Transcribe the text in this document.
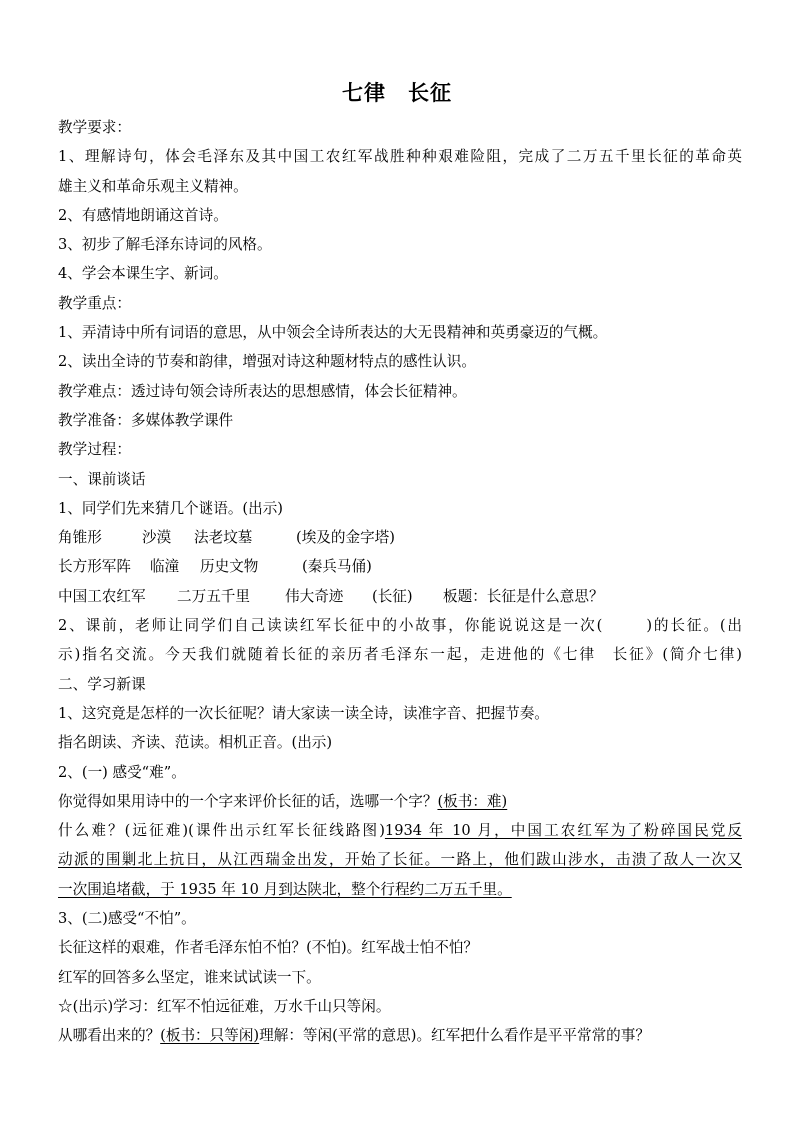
七律 长征
教学要求：
1、理解诗句，体会毛泽东及其中国工农红军战胜种种艰难险阻，完成了二万五千里长征的革命英
雄主义和革命乐观主义精神。
2、有感情地朗诵这首诗。
3、初步了解毛泽东诗词的风格。
4、学会本课生字、新词。
教学重点：
1、弄清诗中所有词语的意思，从中领会全诗所表达的大无畏精神和英勇豪迈的气概。
2、读出全诗的节奏和韵律，增强对诗这种题材特点的感性认识。
教学难点：透过诗句领会诗所表达的思想感情，体会长征精神。
教学准备：多媒体教学课件
教学过程：
一、课前谈话
1、同学们先来猜几个谜语。(出示)
角锥形	沙漠 法老坟墓	(埃及的金字塔)
长方形军阵 临潼 历史文物	(秦兵马俑)
中国工农红军 二万五千里 伟大奇迹 (长征) 板题：长征是什么意思？
2、课前，老师让同学们自己读读红军长征中的小故事，你能说说这是一次(	)的长征。(出
示)指名交流。今天我们就随着长征的亲历者毛泽东一起，走进他的《七律　长征》(简介七律)
二、学习新课
1、这究竟是怎样的一次长征呢？请大家读一读全诗，读准字音、把握节奏。
指名朗读、齐读、范读。相机正音。(出示)
2、(一) 感受“难”。
你觉得如果用诗中的一个字来评价长征的话，选哪一个字？(板书：难)
什么难？(远征难)(课件出示红军长征线路图)1934 年 10 月，中国工农红军为了粉碎国民党反
动派的围剿北上抗日，从江西瑞金出发，开始了长征。一路上，他们跋山涉水，击溃了敌人一次又
一次围追堵截，于 1935 年 10 月到达陕北，整个行程约二万五千里。
3、(二)感受“不怕”。
长征这样的艰难，作者毛泽东怕不怕？(不怕)。红军战士怕不怕？
红军的回答多么坚定，谁来试试读一下。
☆(出示)学习：红军不怕远征难，万水千山只等闲。
从哪看出来的？(板书：只等闲)理解：等闲(平常的意思)。红军把什么看作是平平常常的事？
